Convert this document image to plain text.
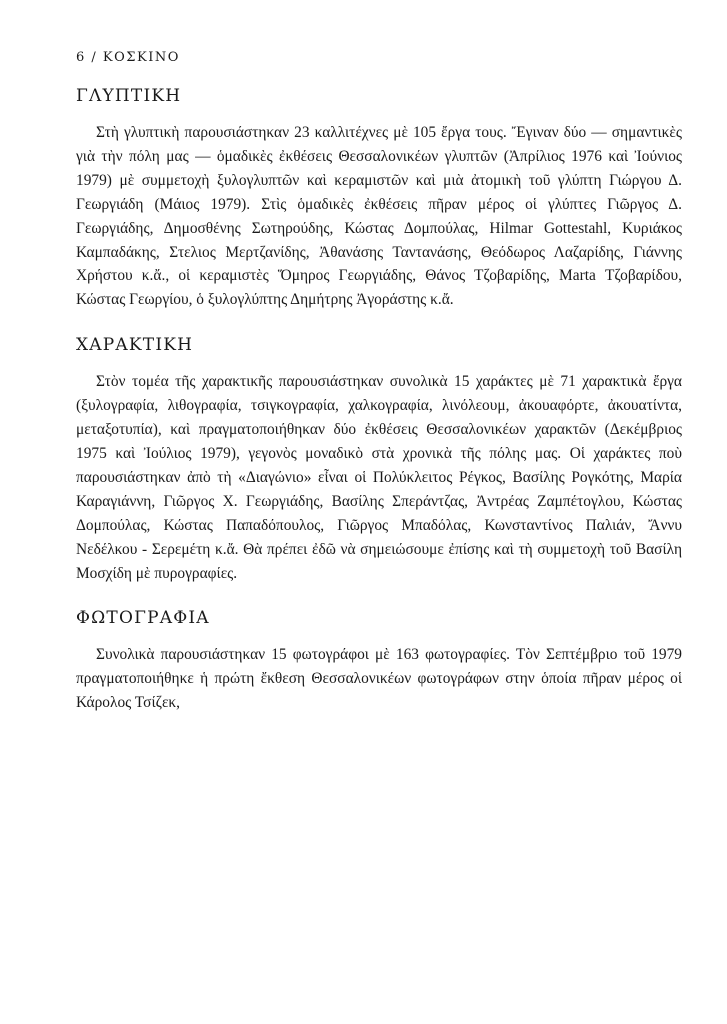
6 / ΚΟΣΚΙΝΟ
ΓΛΥΠΤΙΚΗ

Στὴ γλυπτικὴ παρουσιάστηκαν 23 καλλιτέχνες μὲ 105 ἔργα τους. Ἔγιναν δύο — σημαντικὲς γιὰ τὴν πόλη μας — ὁμαδικὲς ἐκθέσεις Θεσσαλονικέων γλυπτῶν (Ἀπρίλιος 1976 καὶ Ἰούνιος 1979) μὲ συμμετοχὴ ξυλογλυπτῶν καὶ κεραμιστῶν καὶ μιὰ ἀτομικὴ τοῦ γλύπτη Γιώργου Δ. Γεωργιάδη (Μάιος 1979). Στὶς ὁμαδικὲς ἐκθέσεις πῆραν μέρος οἱ γλύπτες Γιῶργος Δ. Γεωργιάδης, Δημοσθένης Σωτηρούδης, Κώστας Δομπούλας, Hilmar Gottestahl, Κυριάκος Καμπαδάκης, Στελιος Μερτζανίδης, Ἀθανάσης Ταντανάσης, Θεόδωρος Λαζαρίδης, Γιάννης Χρήστου κ.ἄ., οἱ κεραμιστὲς Ὅμηρος Γεωργιάδης, Θάνος Τζοβαρίδης, Marta Τζοβαρίδου, Κώστας Γεωργίου, ὁ ξυλογλύπτης Δημήτρης Ἀγοράστης κ.ἄ.

ΧΑΡΑΚΤΙΚΗ

Στὸν τομέα τῆς χαρακτικῆς παρουσιάστηκαν συνολικὰ 15 χαράκτες μὲ 71 χαρακτικὰ ἔργα (ξυλογραφία, λιθογραφία, τσιγκογραφία, χαλκογραφία, λινόλεουμ, ἀκουαφόρτε, ἀκουατίντα, μεταξοτυπία), καὶ πραγματοποιήθηκαν δύο ἐκθέσεις Θεσσαλονικέων χαρακτῶν (Δεκέμβριος 1975 καὶ Ἰούλιος 1979), γεγονὸς μοναδικὸ στὰ χρονικὰ τῆς πόλης μας. Οἱ χαράκτες ποὺ παρουσιάστηκαν ἀπὸ τὴ «Διαγώνιο» εἶναι οἱ Πολύκλειτος Ρέγκος, Βασίλης Ρογκότης, Μαρία Καραγιάννη, Γιῶργος Χ. Γεωργιάδης, Βασίλης Σπεράντζας, Ἀντρέας Ζαμπέτογλου, Κώστας Δομπούλας, Κώστας Παπαδόπουλος, Γιῶργος Μπαδόλας, Κωνσταντίνος Παλιάν, Ἄννυ Νεδέλκου - Σερεμέτη κ.ἄ. Θὰ πρέπει ἐδῶ νὰ σημειώσουμε ἐπίσης καὶ τὴ συμμετοχὴ τοῦ Βασίλη Μοσχίδη μὲ πυρογραφίες.

ΦΩΤΟΓΡΑΦΙΑ

Συνολικὰ παρουσιάστηκαν 15 φωτογράφοι μὲ 163 φωτογραφίες. Τὸν Σεπτέμβριο τοῦ 1979 πραγματοποιήθηκε ἡ πρώτη ἔκθεση Θεσσαλονικέων φωτογράφων στην ὁποία πῆραν μέρος οἱ Κάρολος Τσίζεκ,
